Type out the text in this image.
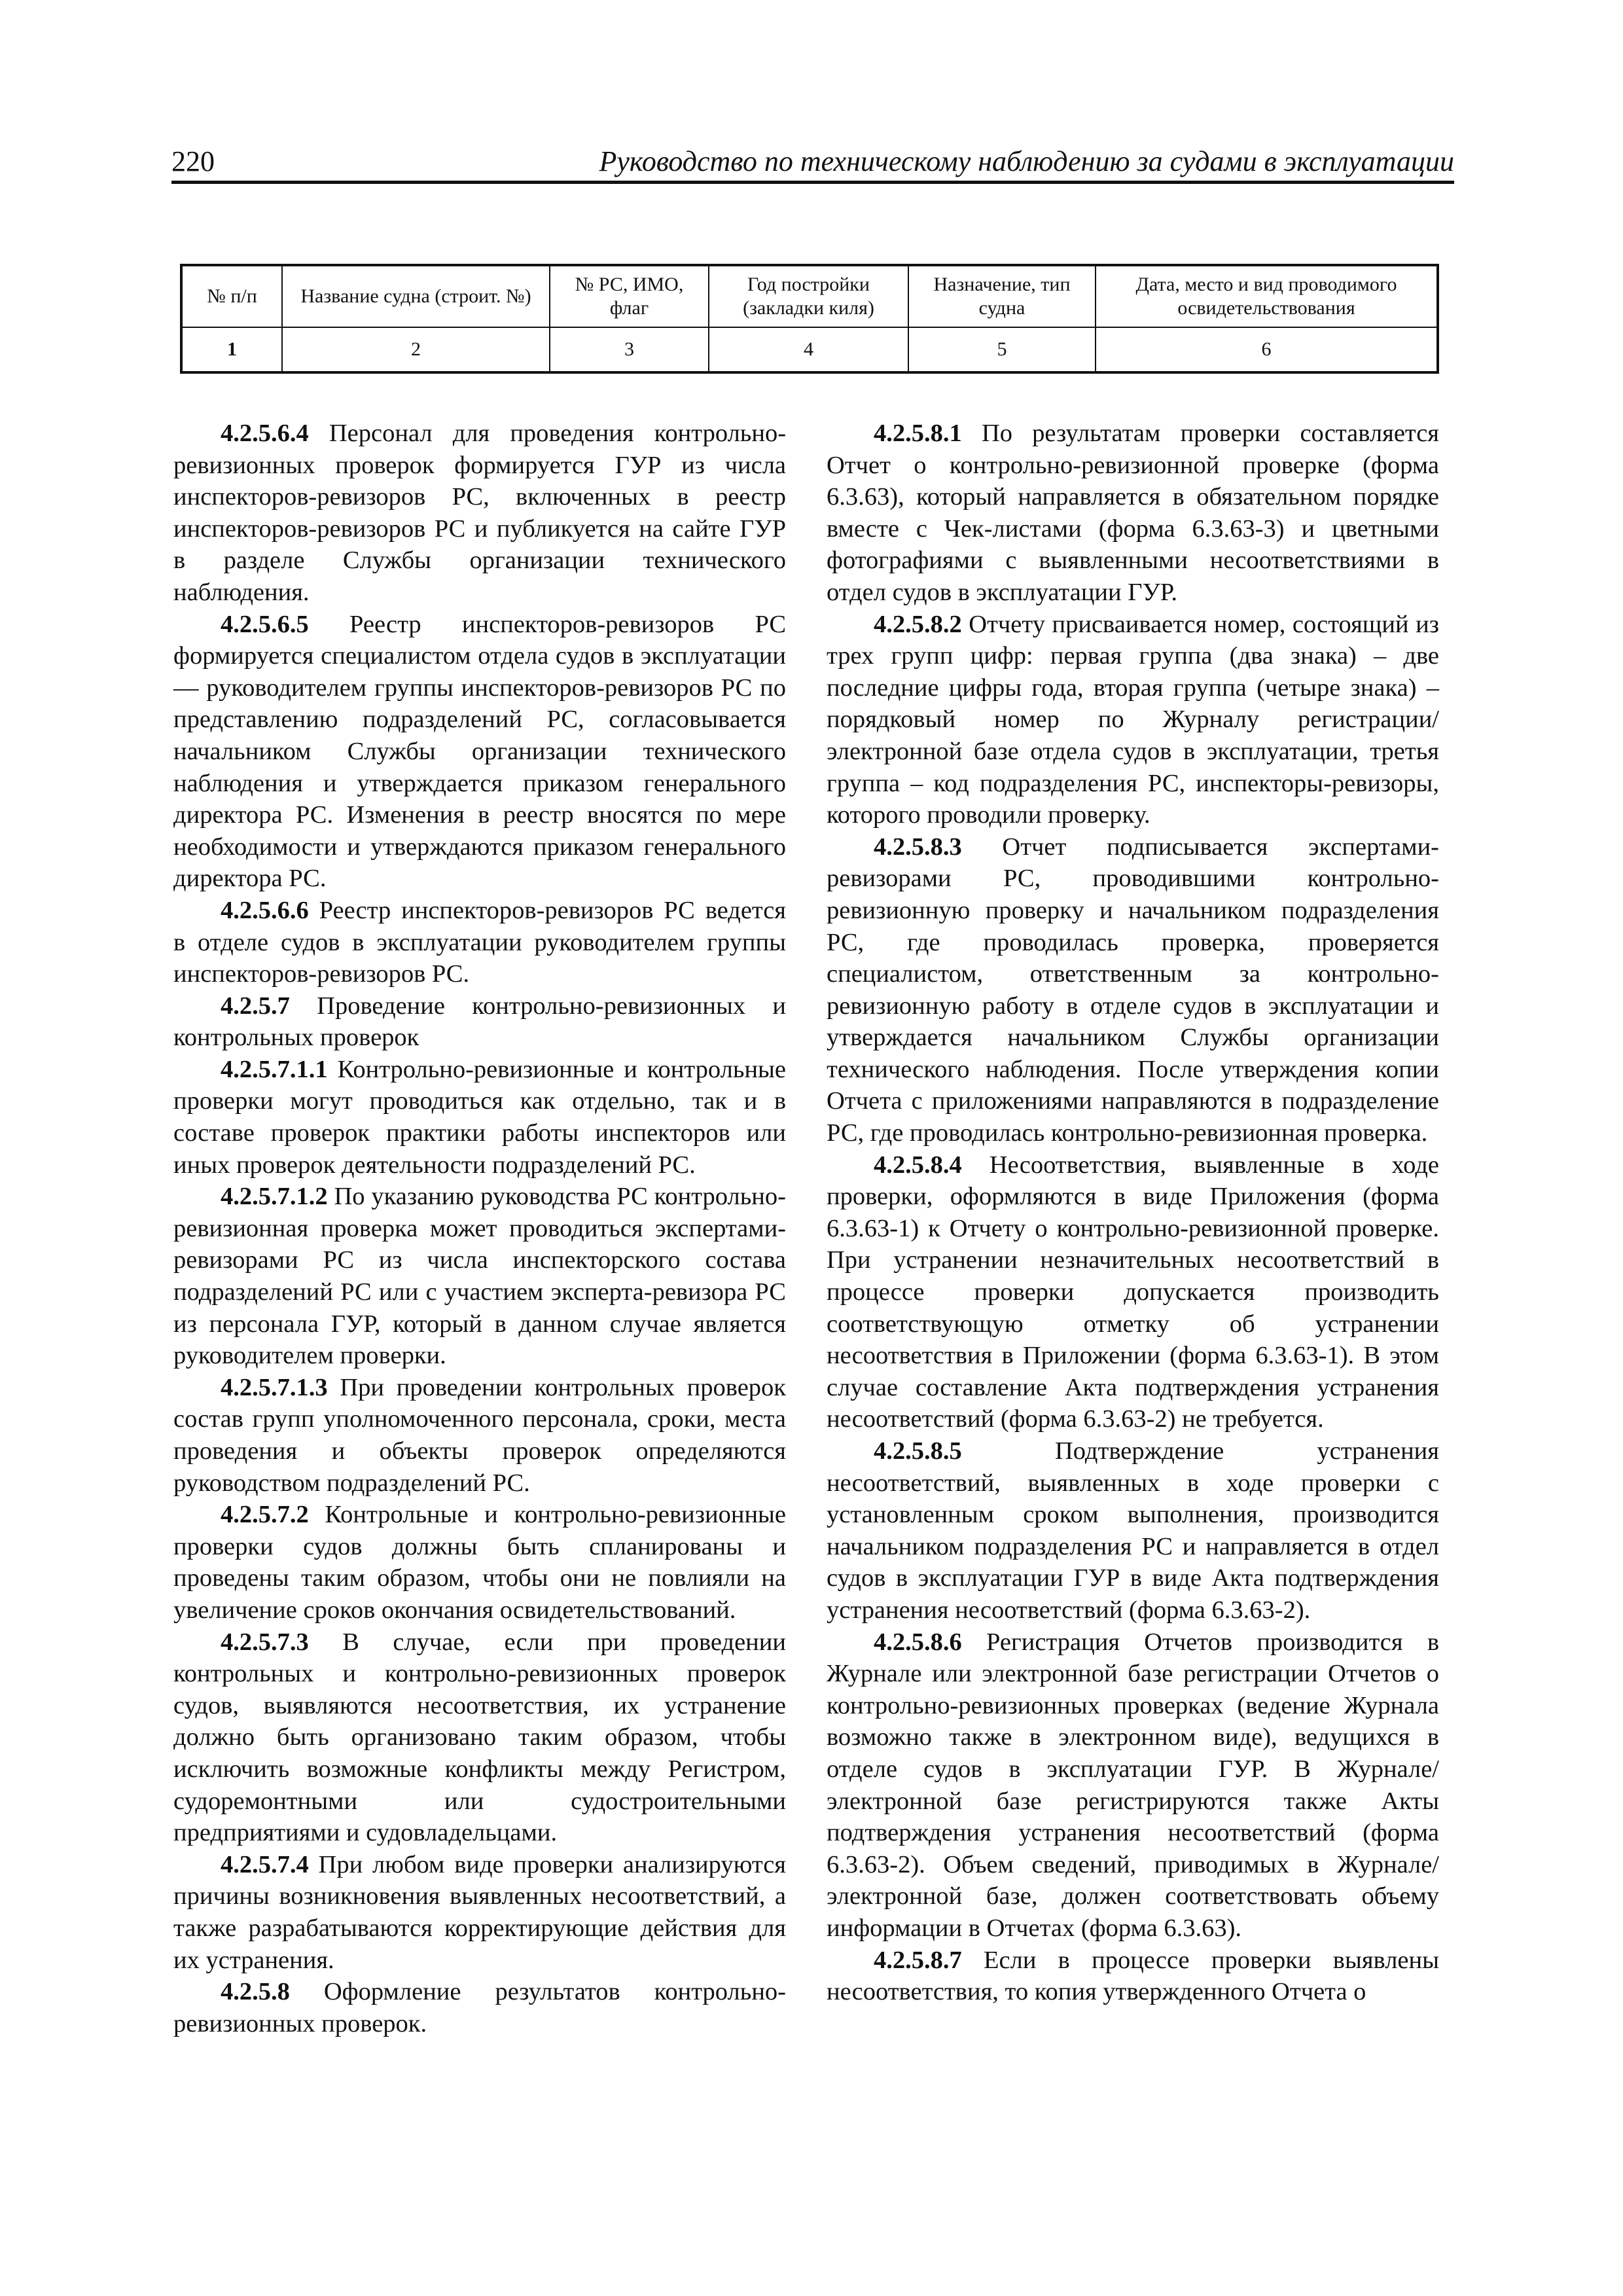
220	Руководство по техническому наблюдению за судами в эксплуатации
№ п/п	Название судна (строит. №)	№ РС, ИМО, флаг	Год постройки (закладки киля)	Назначение, тип судна	Дата, место и вид проводимого освидетельствования
1	2	3	4	5	6

4.2.5.6.4 Персонал для проведения контрольно-ревизионных проверок формируется ГУР из числа инспекторов-ревизоров РС, включенных в реестр инспекторов-ревизоров РС и публикуется на сайте ГУР в разделе Службы организации технического наблюдения.

4.2.5.6.5 Реестр инспекторов-ревизоров РС формируется специалистом отдела судов в эксплуатации — руководителем группы инспекторов-ревизоров РС по представлению подразделений РС, согласовывается начальником Службы организации технического наблюдения и утверждается приказом генерального директора РС. Изменения в реестр вносятся по мере необходимости и утверждаются приказом генерального директора РС.

4.2.5.6.6 Реестр инспекторов-ревизоров РС ведется в отделе судов в эксплуатации руководителем группы инспекторов-ревизоров РС.

4.2.5.7 Проведение контрольно-ревизионных и контрольных проверок

4.2.5.7.1.1 Контрольно-ревизионные и контрольные проверки могут проводиться как отдельно, так и в составе проверок практики работы инспекторов или иных проверок деятельности подразделений РС.

4.2.5.7.1.2 По указанию руководства РС контрольно-ревизионная проверка может проводиться экспертами-ревизорами РС из числа инспекторского состава подразделений РС или с участием эксперта-ревизора РС из персонала ГУР, который в данном случае является руководителем проверки.

4.2.5.7.1.3 При проведении контрольных проверок состав групп уполномоченного персонала, сроки, места проведения и объекты проверок определяются руководством подразделений РС.

4.2.5.7.2 Контрольные и контрольно-ревизионные проверки судов должны быть спланированы и проведены таким образом, чтобы они не повлияли на увеличение сроков окончания освидетельствований.

4.2.5.7.3 В случае, если при проведении контрольных и контрольно-ревизионных проверок судов, выявляются несоответствия, их устранение должно быть организовано таким образом, чтобы исключить возможные конфликты между Регистром, судоремонтными или судостроительными предприятиями и судовладельцами.

4.2.5.7.4 При любом виде проверки анализируются причины возникновения выявленных несоответствий, а также разрабатываются корректирующие действия для их устранения.

4.2.5.8 Оформление результатов контрольно-ревизионных проверок.

4.2.5.8.1 По результатам проверки составляется Отчет о контрольно-ревизионной проверке (форма 6.3.63), который направляется в обязательном порядке вместе с Чек-листами (форма 6.3.63-3) и цветными фотографиями с выявленными несоответствиями в отдел судов в эксплуатации ГУР.

4.2.5.8.2 Отчету присваивается номер, состоящий из трех групп цифр: первая группа (два знака) – две последние цифры года, вторая группа (четыре знака) – порядковый номер по Журналу регистрации/электронной базе отдела судов в эксплуатации, третья группа – код подразделения РС, инспекторы-ревизоры, которого проводили проверку.

4.2.5.8.3 Отчет подписывается экспертами-ревизорами РС, проводившими контрольно-ревизионную проверку и начальником подразделения РС, где проводилась проверка, проверяется специалистом, ответственным за контрольно-ревизионную работу в отделе судов в эксплуатации и утверждается начальником Службы организации технического наблюдения. После утверждения копии Отчета с приложениями направляются в подразделение РС, где проводилась контрольно-ревизионная проверка.

4.2.5.8.4 Несоответствия, выявленные в ходе проверки, оформляются в виде Приложения (форма 6.3.63-1) к Отчету о контрольно-ревизионной проверке. При устранении незначительных несоответствий в процессе проверки допускается производить соответствующую отметку об устранении несоответствия в Приложении (форма 6.3.63-1). В этом случае составление Акта подтверждения устранения несоответствий (форма 6.3.63-2) не требуется.

4.2.5.8.5	Подтверждение устранения несоответствий, выявленных в ходе проверки с установленным сроком выполнения, производится начальником подразделения РС и направляется в отдел судов в эксплуатации ГУР в виде Акта подтверждения устранения несоответствий (форма 6.3.63-2).

4.2.5.8.6 Регистрация Отчетов производится в Журнале или электронной базе регистрации Отчетов о контрольно-ревизионных проверках (ведение Журнала возможно также в электронном виде), ведущихся в отделе судов в эксплуатации ГУР. В Журнале/электронной базе регистрируются также Акты подтверждения устранения несоответствий (форма 6.3.63-2). Объем сведений, приводимых в Журнале/электронной базе, должен соответствовать объему информации в Отчетах (форма 6.3.63).

4.2.5.8.7 Если в процессе проверки выявлены несоответствия, то копия утвержденного Отчета о
